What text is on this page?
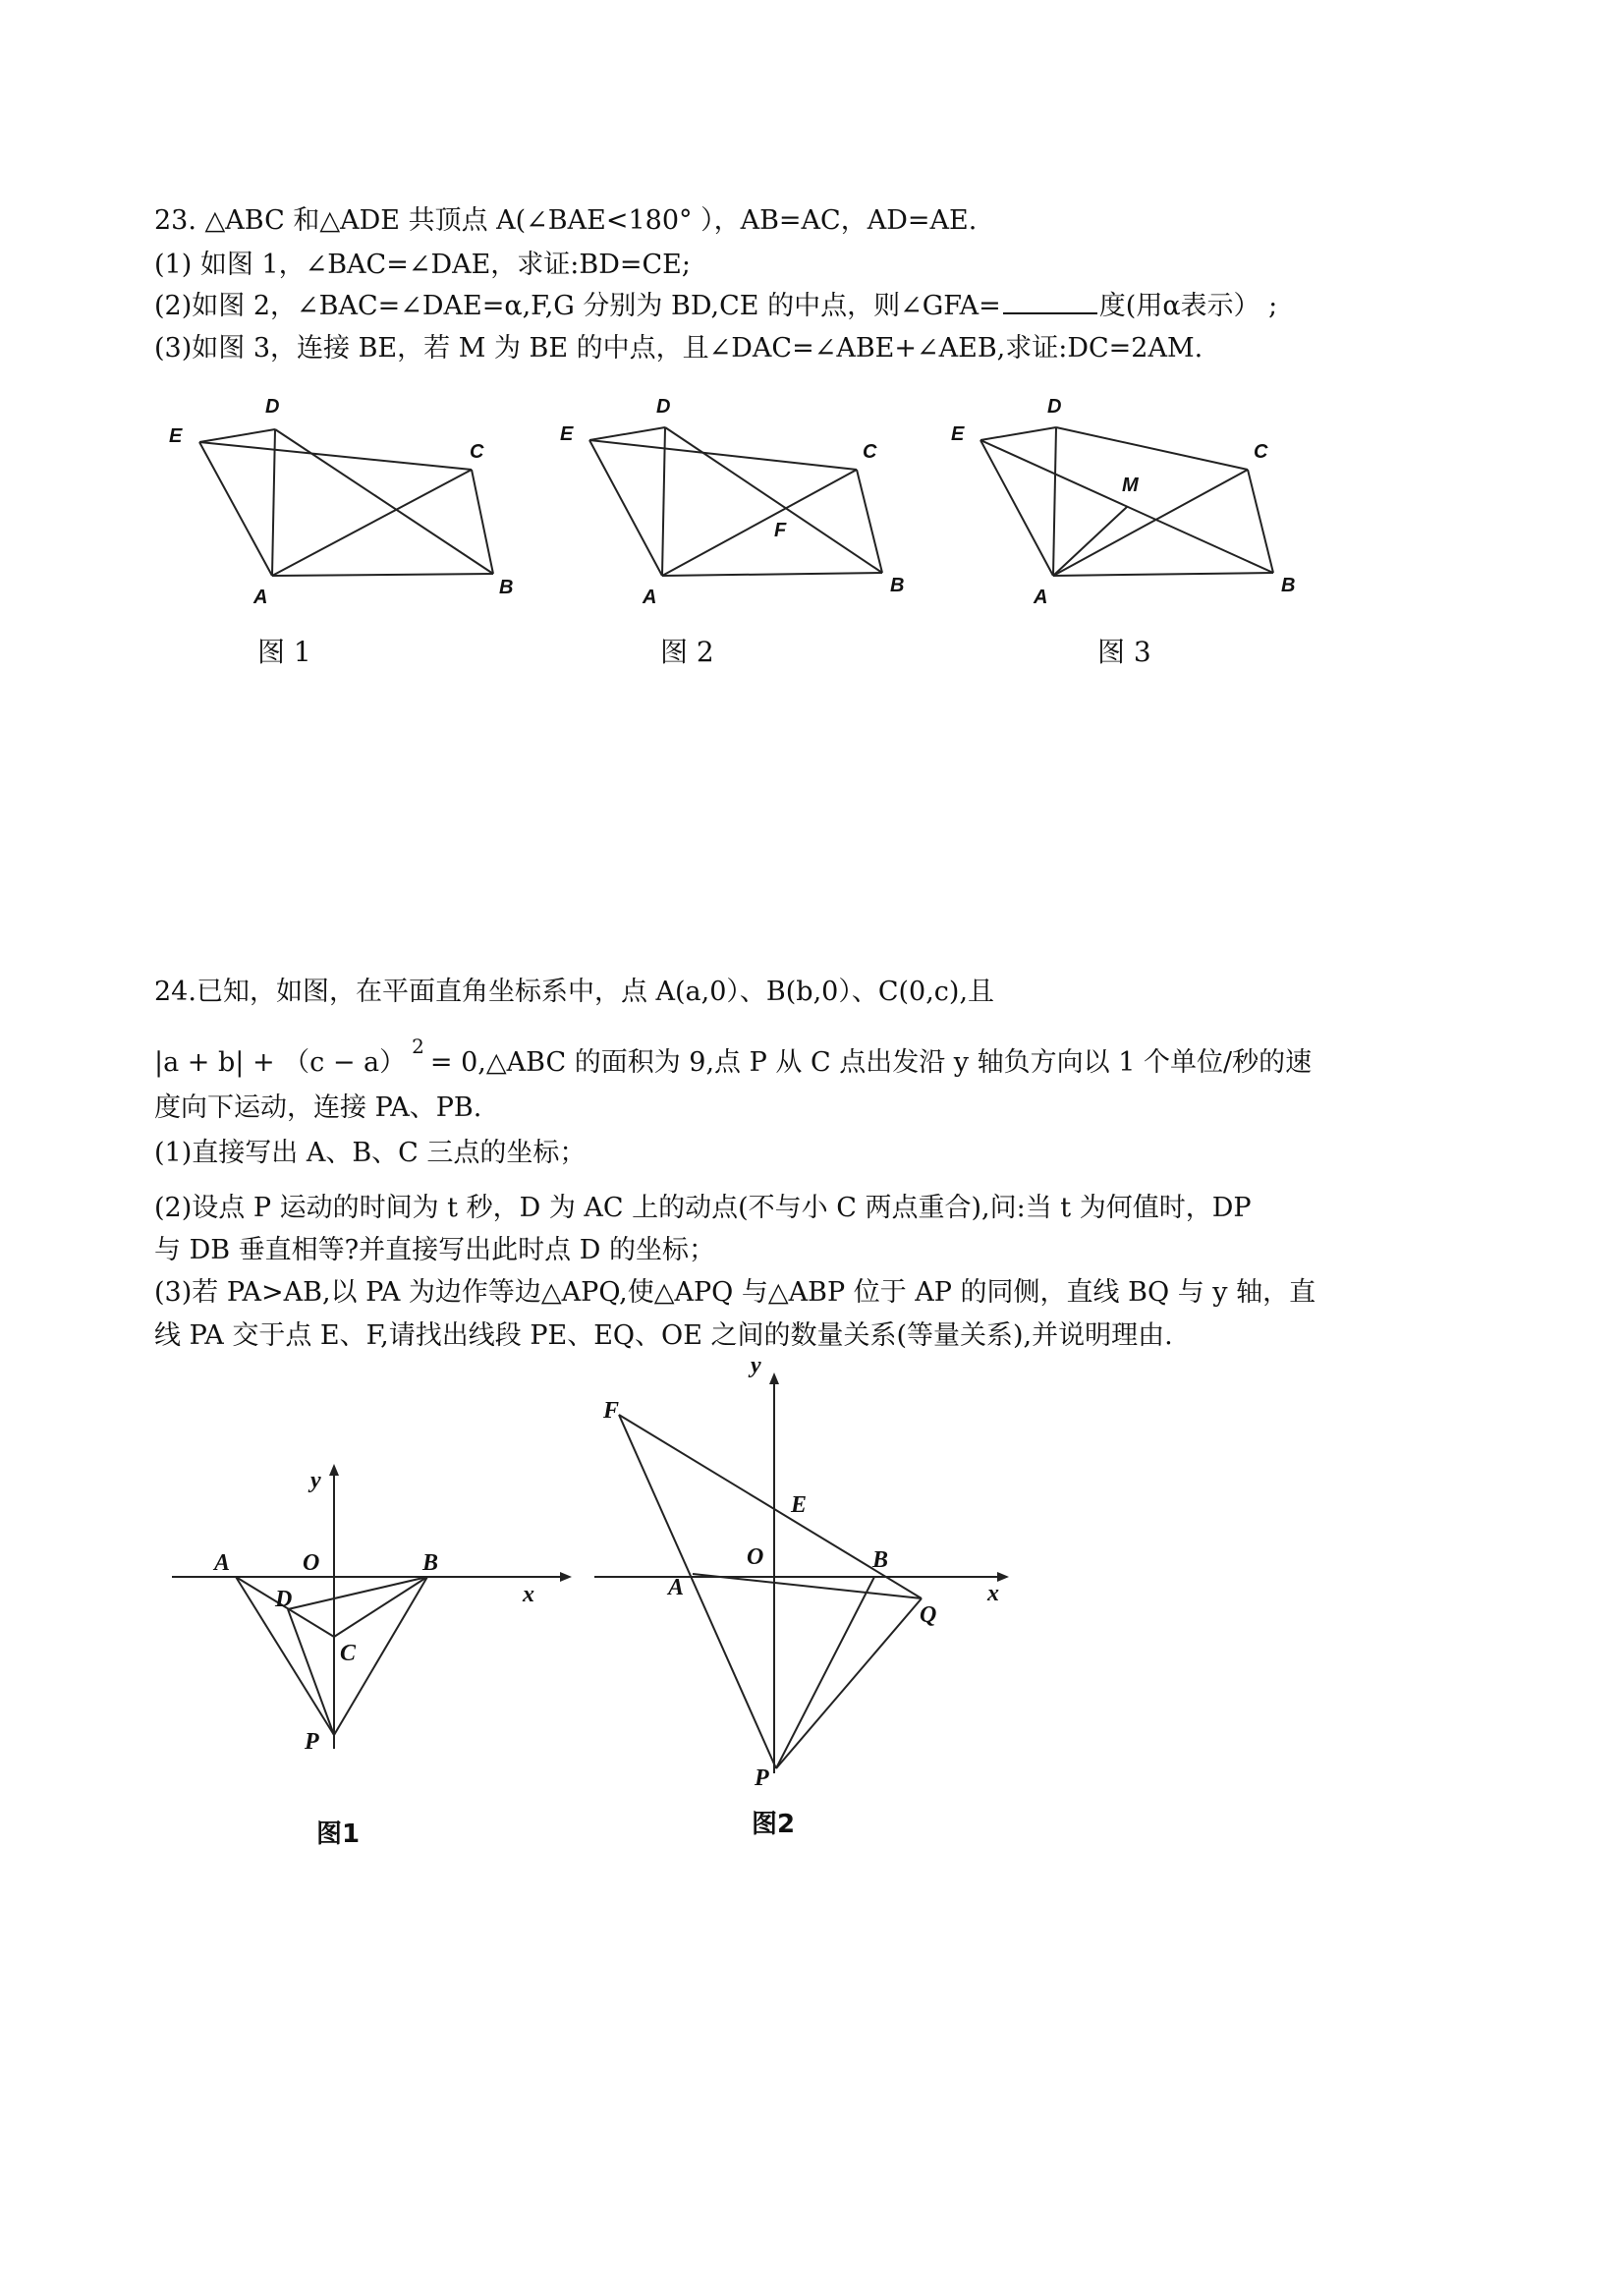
23. △ABC 和△ADE 共顶点 A(∠BAE<180° ），AB=AC，AD=AE.
(1) 如图 1，∠BAC=∠DAE，求证:BD=CE;
(2)如图 2，∠BAC=∠DAE=α,F,G 分别为 BD,CE 的中点，则∠GFA=	度(用α表示） ;
(3)如图 3，连接 BE，若 M 为 BE 的中点，且∠DAC=∠ABE+∠AEB,求证:DC=2AM.
E
D
C
A	B
E
D
C
F
A
B
E
D
C
M
A
B
图 1	图 2	图 3
24.已知，如图，在平面直角坐标系中，点 A(a,0）、B(b,0）、C(0,c),且
$|a + b| + (c - a)^2=$ 0,△ABC 的面积为 9,点 P 从 C 点出发沿 y 轴负方向以 1 个单位/秒的速
度向下运动，连接 PA、PB.
(1)直接写出 A、B、C 三点的坐标；
(2)设点 P 运动的时间为 t 秒，D 为 AC 上的动点(不与小 C 两点重合),问:当 t 为何值时，DP
与 DB 垂直相等?并直接写出此时点 D 的坐标；
(3)若 PA>AB,以 PA 为边作等边△APQ,使△APQ 与△ABP 位于 AP 的同侧，直线 BQ 与 y 轴，直
线 PA 交于点 E、F,请找出线段 PE、EQ、OE 之间的数量关系(等量关系),并说明理由.
A	O	B
D
C
P
y
x
图1
F
E
y
O	B
A
Q
x
P
图2
